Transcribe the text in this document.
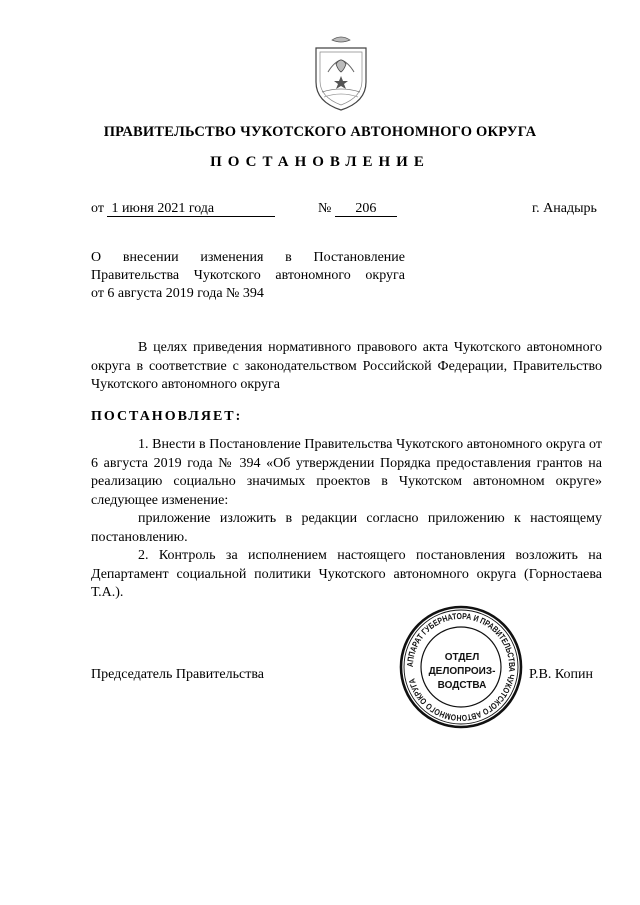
ПРАВИТЕЛЬСТВО ЧУКОТСКОГО АВТОНОМНОГО ОКРУГА
ПОСТАНОВЛЕНИЕ
от 1 июня 2021 года	№ 206	г. Анадырь
О внесении изменения в Постановление
Правительства Чукотского автономного округа
от 6 августа 2019 года № 394

В целях приведения нормативного правового акта Чукотского автономного округа в соответствие с законодательством Российской Федерации, Правительство Чукотского автономного округа

ПОСТАНОВЛЯЕТ:

1. Внести в Постановление Правительства Чукотского автономного округа от 6 августа 2019 года № 394 «Об утверждении Порядка предоставления грантов на реализацию социально значимых проектов в Чукотском автономном округе» следующее изменение:

приложение изложить в редакции согласно приложению к настоящему постановлению.

2. Контроль за исполнением настоящего постановления возложить на Департамент социальной политики Чукотского автономного округа (Горностаева Т.А.).

Председатель Правительства	Р.В. Копин
АППАРАТ ГУБЕРНАТОРА И ПРАВИТЕЛЬСТВА ЧУКОТСКОГО АВТОНОМНОГО ОКРУГА
ОТДЕЛ
ДЕЛОПРОИЗ-
ВОДСТВА
